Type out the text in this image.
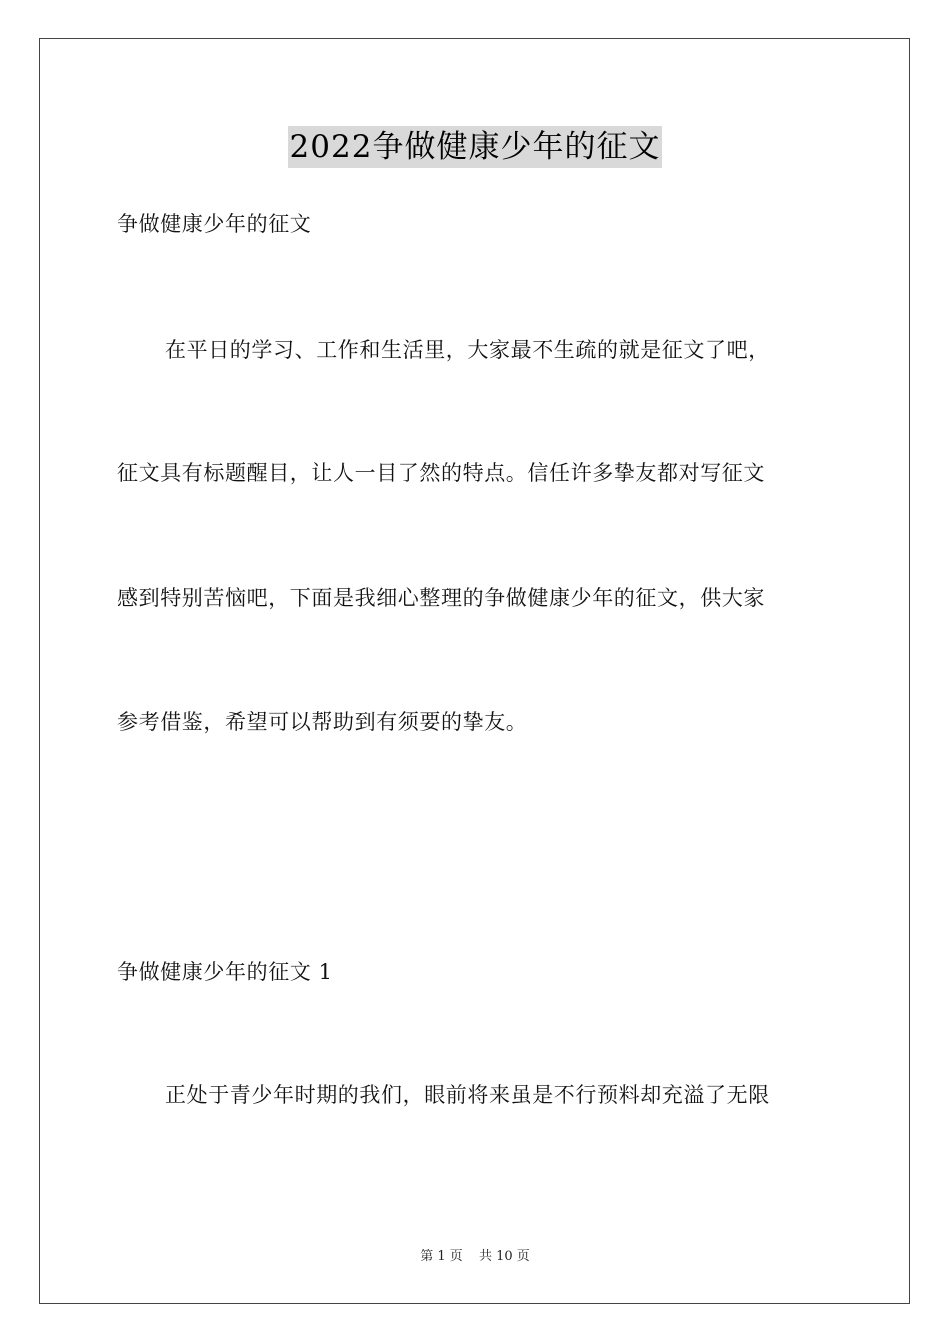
2022争做健康少年的征文
争做健康少年的征文
在平日的学习、工作和生活里，大家最不生疏的就是征文了吧，
征文具有标题醒目，让人一目了然的特点。信任许多挚友都对写征文
感到特别苦恼吧，下面是我细心整理的争做健康少年的征文，供大家
参考借鉴，希望可以帮助到有须要的挚友。
争做健康少年的征文 1
正处于青少年时期的我们，眼前将来虽是不行预料却充溢了无限
第 1 页 共 10 页
